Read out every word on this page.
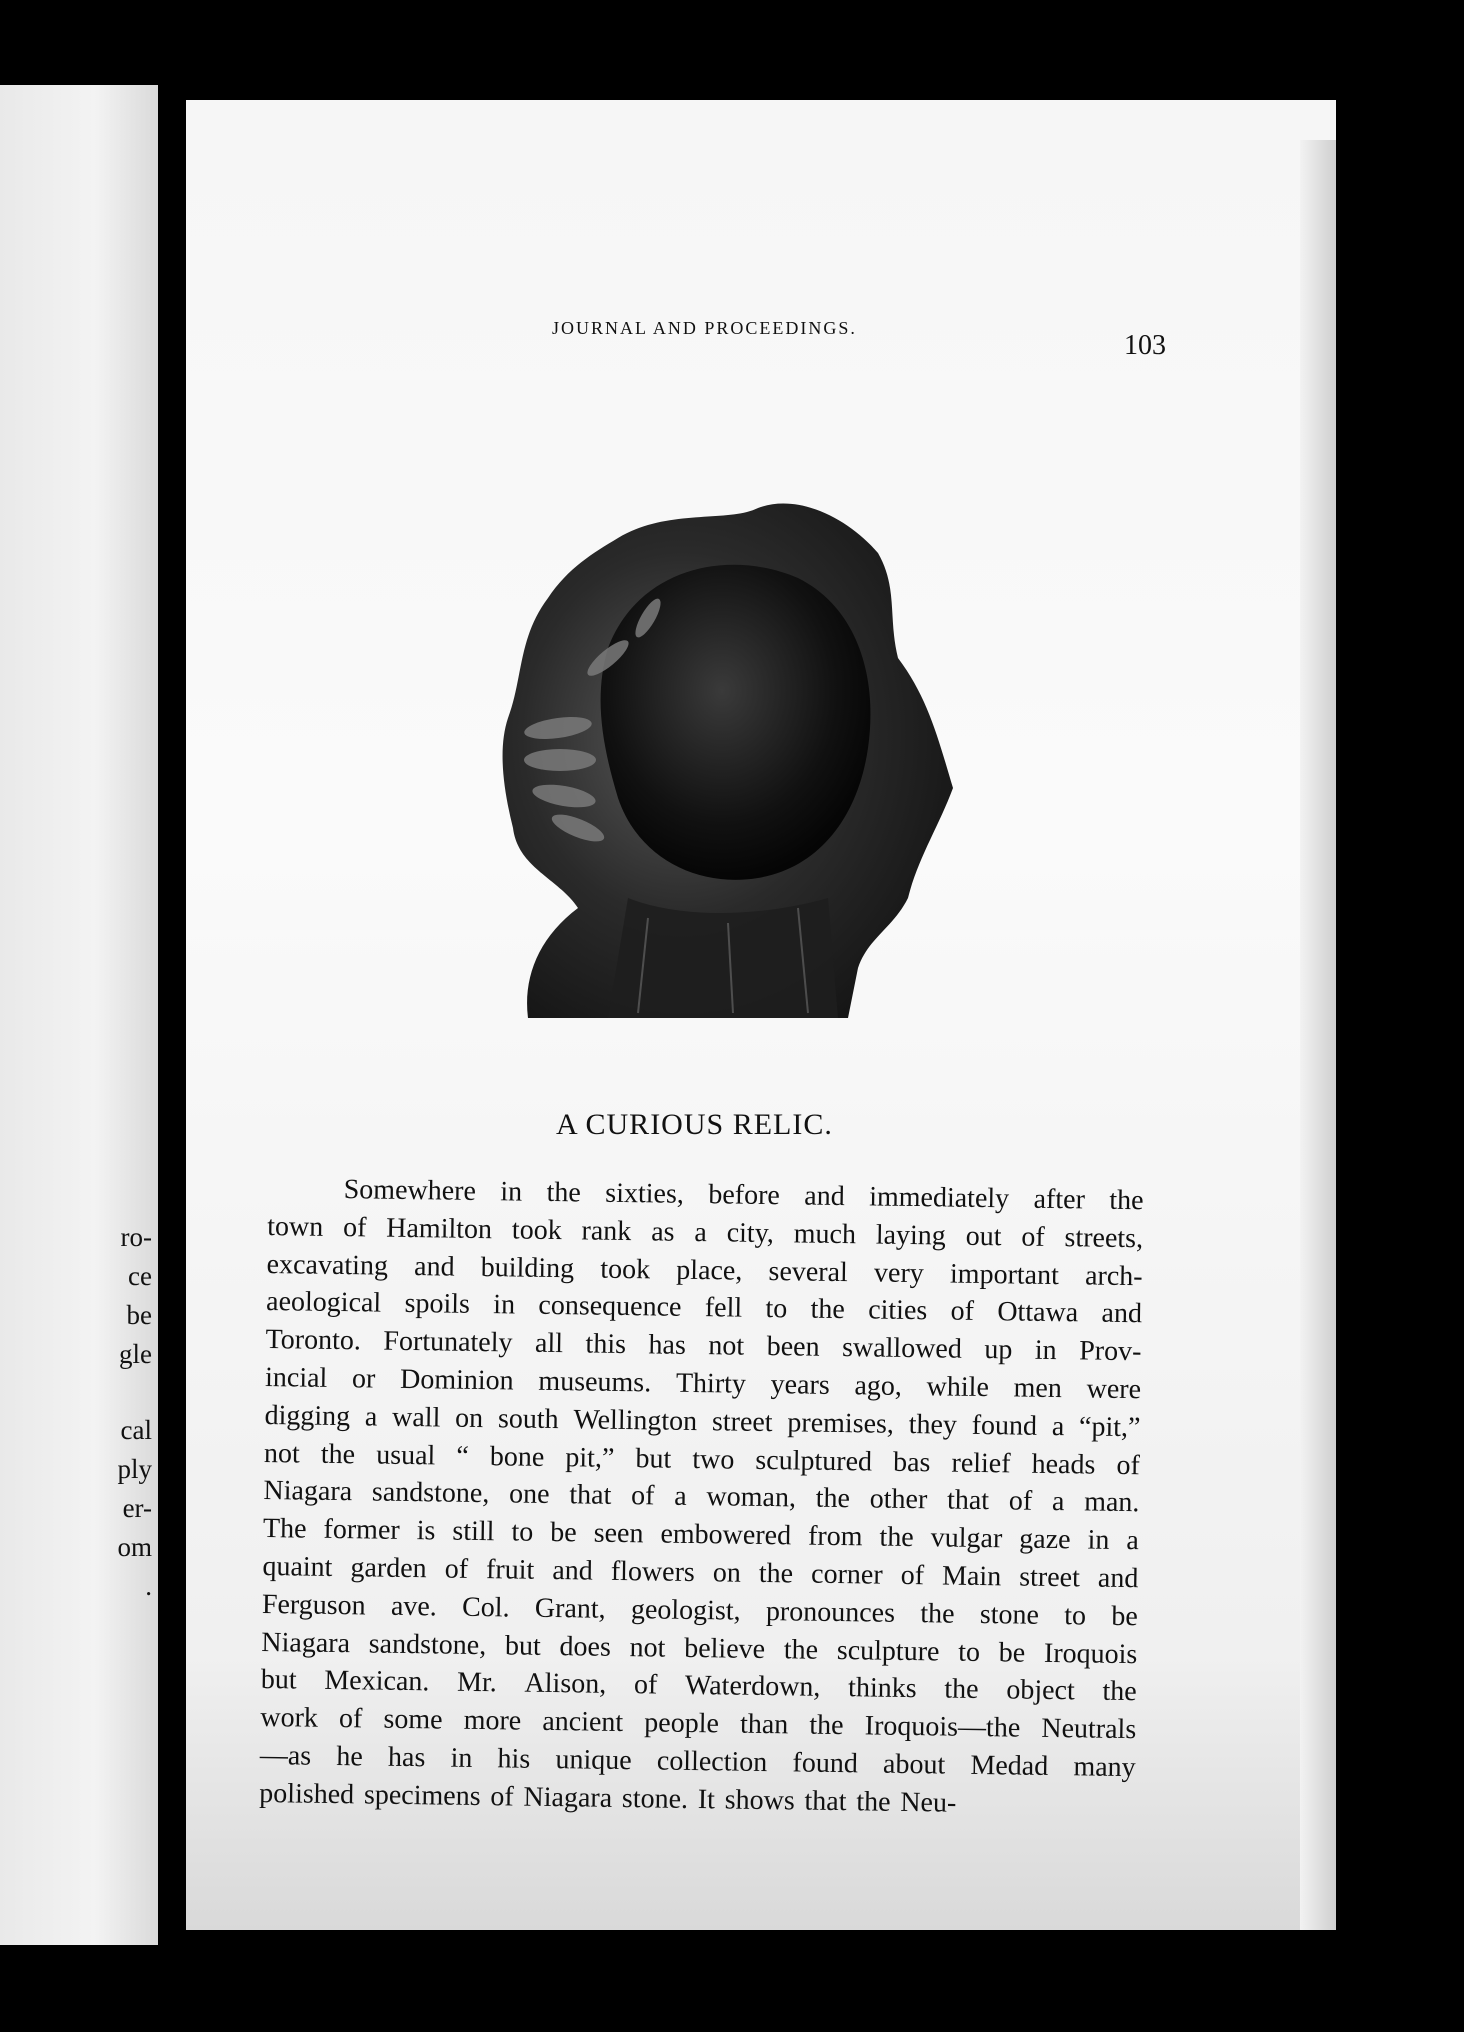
ro-
ce
be
gle
cal
ply
er-
om
.
JOURNAL AND PROCEEDINGS.
103
A CURIOUS RELIC.
Somewhere in the sixties, before and immediately after the
town of Hamilton took rank as a city, much laying out of streets,
excavating and building took place, several very important arch-
aeological spoils in consequence fell to the cities of Ottawa and
Toronto. Fortunately all this has not been swallowed up in Prov-
incial or Dominion museums. Thirty years ago, while men were
digging a wall on south Wellington street premises, they found a “pit,”
not the usual “ bone pit,” but two sculptured bas relief heads of
Niagara sandstone, one that of a woman, the other that of a man.
The former is still to be seen embowered from the vulgar gaze in a
quaint garden of fruit and flowers on the corner of Main street and
Ferguson ave. Col. Grant, geologist, pronounces the stone to be
Niagara sandstone, but does not believe the sculpture to be Iroquois
but Mexican. Mr. Alison, of Waterdown, thinks the object the
work of some more ancient people than the Iroquois—the Neutrals
—as he has in his unique collection found about Medad many
polished specimens of Niagara stone. It shows that the Neu-
